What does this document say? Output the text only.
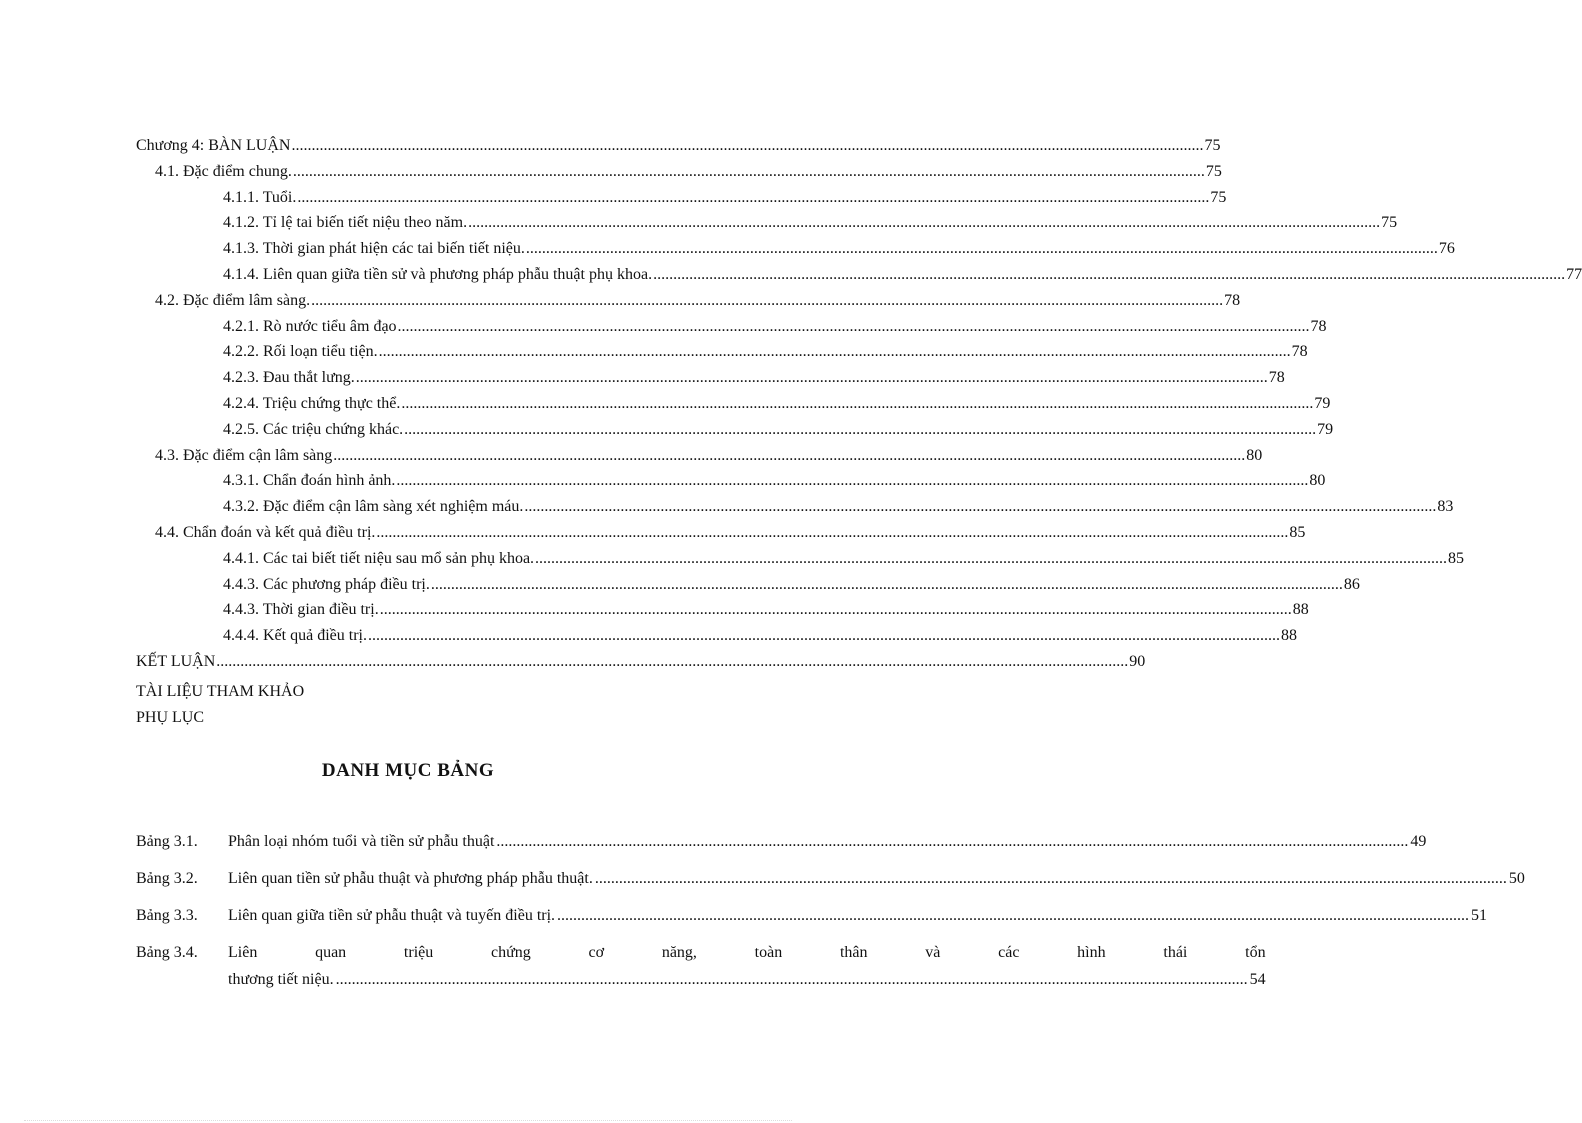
Chương 4: BÀN LUẬN .....	75
4.1. Đặc điểm chung. .....	75
4.1.1. Tuổi. .....	75
4.1.2. Tỉ lệ tai biến tiết niệu theo năm. .....	75
4.1.3. Thời gian phát hiện các tai biến tiết niệu. .....	76
4.1.4. Liên quan giữa tiền sử và phương pháp phẫu thuật phụ khoa. .....	77
4.2. Đặc điểm lâm sàng. .....	78
4.2.1. Rò nước tiểu âm đạo .....	78
4.2.2. Rối loạn tiểu tiện. .....	78
4.2.3. Đau thắt lưng. .....	78
4.2.4. Triệu chứng thực thể. .....	79
4.2.5. Các triệu chứng khác. .....	79
4.3. Đặc điểm cận lâm sàng .....	80
4.3.1. Chẩn đoán hình ảnh. .....	80
4.3.2. Đặc điểm cận lâm sàng xét nghiệm máu. .....	83
4.4. Chẩn đoán và kết quả điều trị. .....	85
4.4.1. Các tai biết tiết niệu sau mổ sản phụ khoa. .....	85
4.4.3. Các phương pháp điều trị. .....	86
4.4.3. Thời gian điều trị. .....	88
4.4.4. Kết quả điều trị. .....	88
KẾT LUẬN .....	90
TÀI LIỆU THAM KHẢO
PHỤ LỤC
DANH MỤC BẢNG
Bảng 3.1.	Phân loại nhóm tuổi và tiền sử phẫu thuật .....	49
Bảng 3.2.	Liên quan tiền sử phẫu thuật và phương pháp phẫu thuật. .....	50
Bảng 3.3.	Liên quan giữa tiền sử phẫu thuật và tuyến điều trị. .....	51
Bảng 3.4.	Liên quan triệu chứng cơ năng, toàn thân và các hình thái tổn
thương tiết niệu. .....	54
